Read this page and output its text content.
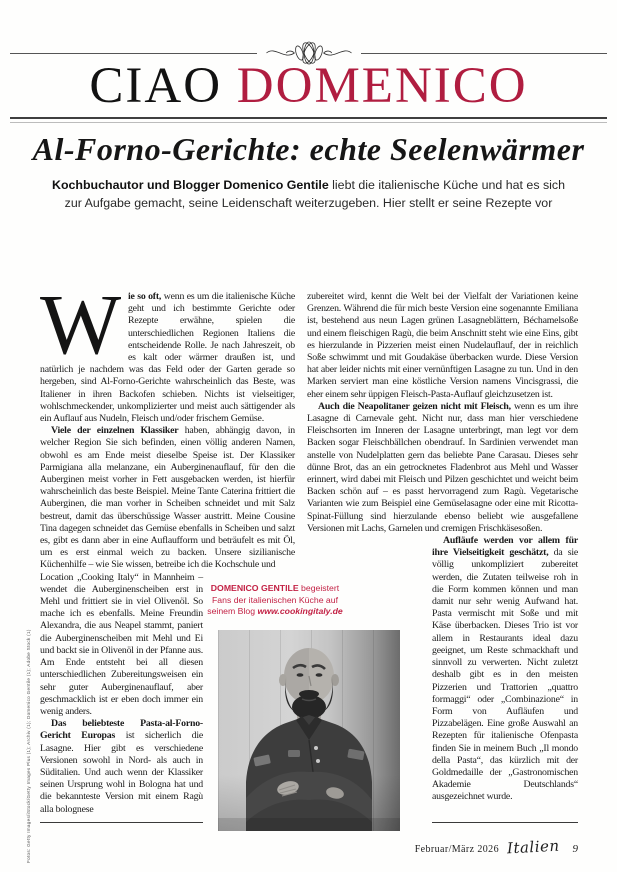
CIAO DOMENICO
Al-Forno-Gerichte: echte Seelenwärmer

Kochbuchautor und Blogger Domenico Gentile liebt die italienische Küche und hat es sich zur Aufgabe gemacht, seine Leidenschaft weiterzugeben. Hier stellt er seine Rezepte vor

Wie so oft, wenn es um die italienische Küche geht und ich bestimmte Gerichte oder Rezepte erwähne, spielen die unterschiedlichen Regionen Italiens die entscheidende Rolle. Je nach Jahreszeit, ob es kalt oder wärmer draußen ist, und natürlich je nachdem was das Feld oder der Garten gerade so hergeben, sind Al-Forno-Gerichte wahrscheinlich das Beste, was Italiener in ihren Backofen schieben. Nichts ist vielseitiger, wohlschmeckender, unkomplizierter und meist auch sättigender als ein Auflauf aus Nudeln, Fleisch und/oder frischem Gemüse.

Viele der einzelnen Klassiker haben, abhängig davon, in welcher Region Sie sich befinden, einen völlig anderen Namen, obwohl es am Ende meist dieselbe Speise ist. Der Klassiker Parmigiana alla melanzane, ein Auberginenauflauf, für den die Auberginen meist vorher in Fett ausgebacken werden, ist hierfür wahrscheinlich das beste Beispiel. Meine Tante Caterina frittiert die Auberginen, die man vorher in Scheiben schneidet und mit Salz bestreut, damit das überschüssige Wasser austritt. Meine Cousine Tina dagegen schneidet das Gemüse ebenfalls in Scheiben und salzt es, gibt es dann aber in eine Auflaufform und beträufelt es mit Öl, um es erst einmal weich zu backen. Unsere sizilianische Küchenhilfe – wie Sie wissen, betreibe ich die Kochschule und

Location „Cooking Italy“ in Mannheim – wendet die Auberginenscheiben erst in Mehl und frittiert sie in viel Olivenöl. So mache ich es ebenfalls. Meine Freundin Alexandra, die aus Neapel stammt, paniert die Auberginenscheiben mit Mehl und Ei und backt sie in Olivenöl in der Pfanne aus. Am Ende entsteht bei all diesen unterschiedlichen Zubereitungsweisen ein sehr guter Auberginenauflauf, aber geschmacklich ist er eben doch immer ein wenig anders.

Das beliebteste Pasta-al-Forno-Gericht Europas ist sicherlich die Lasagne. Hier gibt es verschiedene Versionen sowohl in Nord- als auch in Süditalien. Und auch wenn der Klassiker seinen Ursprung wohl in Bologna hat und die bekannteste Version mit einem Ragù alla bolognese

zubereitet wird, kennt die Welt bei der Vielfalt der Variationen keine Grenzen. Während die für mich beste Version eine sogenannte Emiliana ist, bestehend aus neun Lagen grünen Lasagneblättern, Béchamelsoße und einem fleischigen Ragù, die beim Anschnitt steht wie eine Eins, gibt es hierzulande in Pizzerien meist einen Nudelauflauf, der in reichlich Soße schwimmt und mit Goudakäse überbacken wurde. Diese Version hat aber leider nichts mit einer vernünftigen Lasagne zu tun. Und in den Marken serviert man eine köstliche Version namens Vincisgrassi, die eher einem sehr üppigen Fleisch-Pasta-Auflauf gleichzusetzen ist.

Auch die Neapolitaner geizen nicht mit Fleisch, wenn es um ihre Lasagne di Carnevale geht. Nicht nur, dass man hier verschiedene Fleischsorten im Inneren der Lasagne unterbringt, man legt vor dem Backen sogar Fleischbällchen obendrauf. In Sardinien verwendet man anstelle von Nudelplatten gern das beliebte Pane Carasau. Dieses sehr dünne Brot, das an ein getrocknetes Fladenbrot aus Mehl und Wasser erinnert, wird dabei mit Fleisch und Pilzen geschichtet und weicht beim Backen schön auf – es passt hervorragend zum Ragù. Vegetarische Varianten wie zum Beispiel eine Gemüselasagne oder eine mit Ricotta-Spinat-Füllung sind hierzulande ebenso beliebt wie ausgefallene Versionen mit Lachs, Garnelen und cremigen Frischkäsesoßen.

Aufläufe werden vor allem für ihre Vielseitigkeit geschätzt, da sie völlig unkompliziert zubereitet werden, die Zutaten teilweise roh in die Form kommen können und man damit nur sehr wenig Aufwand hat. Pasta vermischt mit Soße und mit Käse überbacken. Dieses Trio ist vor allem in Restaurants ideal dazu geeignet, um Reste schmackhaft und sinnvoll zu verwerten. Nicht zuletzt deshalb gibt es in den meisten Pizzerien und Trattorien „quattro formaggi“ oder „Combinazione“ in Form von Aufläufen und Pizzabelägen. Eine große Auswahl an Rezepten für italienische Ofenpasta finden Sie in meinem Buch „Il mondo della Pasta“, das kürzlich mit der Goldmedaille der „Gastronomischen Akademie Deutschlands“ ausgezeichnet wurde.

DOMENICO GENTILE begeistert Fans der italienischen Küche auf seinem Blog www.cookingitaly.de

Februar/März 2026 Italien 9
Fotos: Getty Images/iStock/Getty Images Plus (1); Archiv (1); Domenico Gentile (1); Adobe Stock (1)
